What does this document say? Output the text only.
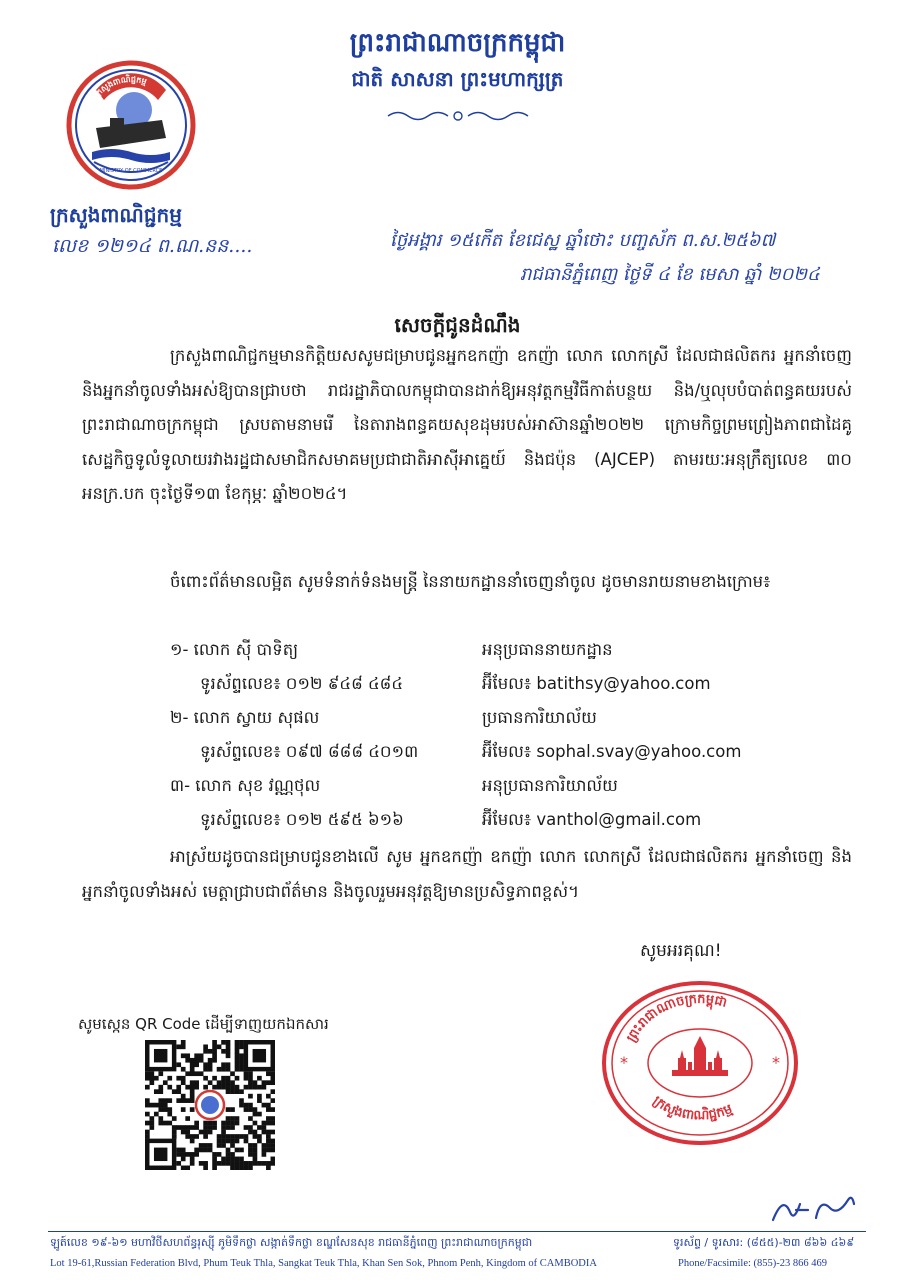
ព្រះរាជាណាចក្រកម្ពុជា
ជាតិ សាសនា ព្រះមហាក្សត្រ
ក្រសួងពាណិជ្ជកម្ម
MINISTRY OF COMMERCE
ក្រសួងពាណិជ្ជកម្ម
លេខ ១២១៤ ព.ណ.នន....	ថ្ងៃអង្គារ ១៥កើត ខែជេស្ឋ ឆ្នាំថោះ បញ្ចស័ក ព.ស.២៥៦៧
រាជធានីភ្នំពេញ ថ្ងៃទី ៤ ខែ មេសា ឆ្នាំ ២០២៤
សេចក្ដីជូនដំណឹង
ក្រសួងពាណិជ្ជកម្មមានកិត្តិយសសូមជម្រាបជូនអ្នកឧកញ៉ា ឧកញ៉ា លោក លោកស្រី ដែលជាផលិតករ អ្នកនាំចេញ និងអ្នកនាំចូលទាំងអស់ឱ្យបានជ្រាបថា រាជរដ្ឋាភិបាលកម្ពុជាបានដាក់ឱ្យអនុវត្តកម្មវិធីកាត់បន្ថយ និង/ឬលុបបំបាត់ពន្ធគយរបស់ព្រះរាជាណាចក្រកម្ពុជា ស្របតាមនាមរើ នៃតារាងពន្ធគយសុខដុមរបស់អាស៊ានឆ្នាំ២០២២ ក្រោមកិច្ចព្រមព្រៀងភាពជាដៃគូសេដ្ឋកិច្ចទូលំទូលាយរវាងរដ្ឋជាសមាជិកសមាគមប្រជាជាតិអាស៊ីអាគ្នេយ៍ និងជប៉ុន (AJCEP) តាមរយៈអនុក្រឹត្យលេខ ៣០ អនក្រ.បក ចុះថ្ងៃទី១៣ ខែកុម្ភៈ ឆ្នាំ២០២៤។
ចំពោះព័ត៌មានលម្អិត សូមទំនាក់ទំនងមន្ត្រី នៃនាយកដ្ឋាននាំចេញនាំចូល ដូចមានរាយនាមខាងក្រោម៖
១- លោក ស៊ី បាទិត្យ	អនុប្រធាននាយកដ្ឋាន
ទូរស័ព្ទលេខ៖ ០១២ ៩៤៨ ៤៨៤	អ៊ីមែល៖ batithsy@yahoo.com
២- លោក ស្វាយ សុផល	ប្រធានការិយាល័យ
ទូរស័ព្ទលេខ៖ ០៩៧ ៨៨៨ ៤០១៣	អ៊ីមែល៖ sophal.svay@yahoo.com
៣- លោក សុខ វណ្ណថុល	អនុប្រធានការិយាល័យ
ទូរស័ព្ទលេខ៖ ០១២ ៥៩៥ ៦១៦	អ៊ីមែល៖ vanthol@gmail.com
អាស្រ័យដូចបានជម្រាបជូនខាងលើ សូម អ្នកឧកញ៉ា ឧកញ៉ា លោក លោកស្រី ដែលជាផលិតករ អ្នកនាំចេញ និងអ្នកនាំចូលទាំងអស់ មេត្តាជ្រាបជាព័ត៌មាន និងចូលរួមអនុវត្តឱ្យមានប្រសិទ្ធភាពខ្ពស់។
សូមអរគុណ!
សូមស្កេន QR Code ដើម្បីទាញយកឯកសារ	ព្រះរាជាណាចក្រកម្ពុជា
ក្រសួងពាណិជ្ជកម្ម
*	*
ឡូត៍លេខ ១៩-៦១ មហាវិថីសហព័ន្ធរុស្ស៊ី ភូមិទឹកថ្លា សង្កាត់ទឹកថ្លា ខណ្ឌសែនសុខ រាជធានីភ្នំពេញ ព្រះរាជាណាចក្រកម្ពុជា	ទូរស័ព្ទ / ទូរសារ: (៨៥៥)-២៣ ៨៦៦ ៤៦៩
Lot 19-61,Russian Federation Blvd, Phum Teuk Thla, Sangkat Teuk Thla, Khan Sen Sok, Phnom Penh, Kingdom of CAMBODIA	Phone/Facsimile: (855)-23 866 469
